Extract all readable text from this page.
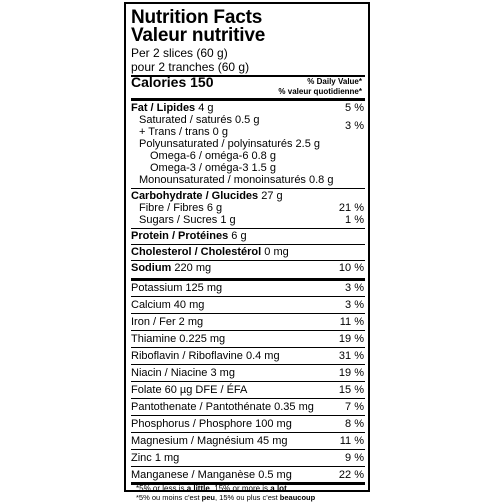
Nutrition Facts
Valeur nutritive
Per 2 slices (60 g)
pour 2 tranches (60 g)
Calories 150	% Daily Value*
% valeur quotidienne*
Fat / Lipides 4 g	5 %
Saturated / saturés 0.5 g
+ Trans / trans 0 g	3 %
Polyunsaturated / polyinsaturés 2.5 g
Omega-6 / oméga-6 0.8 g
Omega-3 / oméga-3 1.5 g
Monounsaturated / monoinsaturés 0.8 g
Carbohydrate / Glucides 27 g
Fibre / Fibres 6 g	21 %
Sugars / Sucres 1 g	1 %
Protein / Protéines 6 g
Cholesterol / Cholestérol 0 mg
Sodium 220 mg	10 %
Potassium 125 mg	3 %
Calcium 40 mg	3 %
Iron / Fer 2 mg	11 %
Thiamine 0.225 mg	19 %
Riboflavin / Riboflavine 0.4 mg	31 %
Niacin / Niacine 3 mg	19 %
Folate 60 µg DFE / ÉFA	15 %
Pantothenate / Pantothénate 0.35 mg	7 %
Phosphorus / Phosphore 100 mg	8 %
Magnesium / Magnésium 45 mg	11 %
Zinc 1 mg	9 %
Manganese / Manganèse 0.5 mg	22 %
*5% or less is a little, 15% or more is a lot
*5% ou moins c'est peu, 15% ou plus c'est beaucoup
